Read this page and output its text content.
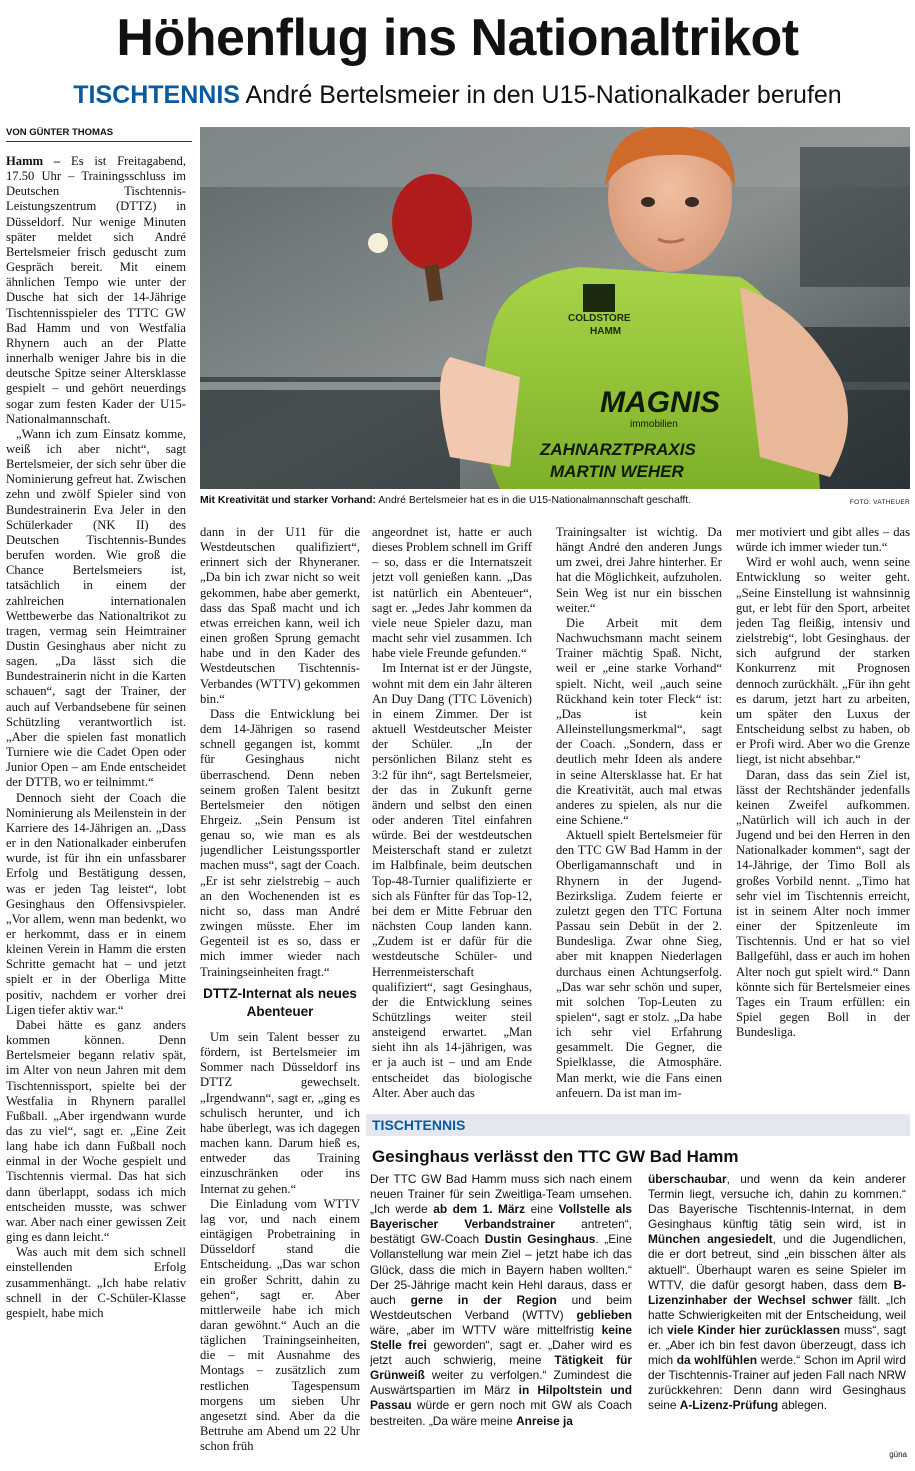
Höhenflug ins Nationaltrikot
TISCHTENNIS André Bertelsmeier in den U15-Nationalkader berufen
VON GÜNTER THOMAS
COLDSTORE
HAMM
MAGNIS
immobilien
ZAHNARZTPRAXIS
MARTIN WEHER
Mit Kreativität und starker Vorhand: André Bertelsmeier hat es in die U15-Nationalmannschaft geschafft.	FOTO: VATHEUER

Hamm – Es ist Freitagabend, 17.50 Uhr – Trainingsschluss im Deutschen Tischtennis-Leistungszentrum (DTTZ) in Düsseldorf. Nur wenige Minuten später meldet sich André Bertelsmeier frisch geduscht zum Gespräch bereit. Mit einem ähnlichen Tempo wie unter der Dusche hat sich der 14-Jährige Tischtennisspieler des TTTC GW Bad Hamm und von Westfalia Rhynern auch an der Platte innerhalb weniger Jahre bis in die deutsche Spitze seiner Altersklasse gespielt – und gehört neuerdings sogar zum festen Kader der U15-Nationalmannschaft.

„Wann ich zum Einsatz komme, weiß ich aber nicht“, sagt Bertelsmeier, der sich sehr über die Nominierung gefreut hat. Zwischen zehn und zwölf Spieler sind von Bundestrainerin Eva Jeler in den Schülerkader (NK II) des Deutschen Tischtennis-Bundes berufen worden. Wie groß die Chance Bertelsmeiers ist, tatsächlich in einem der zahlreichen internationalen Wettbewerbe das Nationaltrikot zu tragen, vermag sein Heimtrainer Dustin Gesinghaus aber nicht zu sagen. „Da lässt sich die Bundestrainerin nicht in die Karten schauen“, sagt der Trainer, der auch auf Verbandsebene für seinen Schützling verantwortlich ist. „Aber die spielen fast monatlich Turniere wie die Cadet Open oder Junior Open – am Ende entscheidet der DTTB, wo er teilnimmt.“

Dennoch sieht der Coach die Nominierung als Meilenstein in der Karriere des 14-Jährigen an. „Dass er in den Nationalkader einberufen wurde, ist für ihn ein unfassbarer Erfolg und Bestätigung dessen, was er jeden Tag leistet“, lobt Gesinghaus den Offensivspieler. „Vor allem, wenn man bedenkt, wo er herkommt, dass er in einem kleinen Verein in Hamm die ersten Schritte gemacht hat – und jetzt spielt er in der Oberliga Mitte positiv, nachdem er vorher drei Ligen tiefer aktiv war.“

Dabei hätte es ganz anders kommen können. Denn Bertelsmeier begann relativ spät, im Alter von neun Jahren mit dem Tischtennissport, spielte bei der Westfalia in Rhynern parallel Fußball. „Aber irgendwann wurde das zu viel“, sagt er. „Eine Zeit lang habe ich dann Fußball noch einmal in der Woche gespielt und Tischtennis viermal. Das hat sich dann überlappt, sodass ich mich entscheiden musste, was schwer war. Aber nach einer gewissen Zeit ging es dann leicht.“

Was auch mit dem sich schnell einstellenden Erfolg zusammenhängt. „Ich habe relativ schnell in der C-Schüler-Klasse gespielt, habe mich

dann in der U11 für die Westdeutschen qualifiziert“, erinnert sich der Rhyneraner. „Da bin ich zwar nicht so weit gekommen, habe aber gemerkt, dass das Spaß macht und ich etwas erreichen kann, weil ich einen großen Sprung gemacht habe und in den Kader des Westdeutschen Tischtennis-Verbandes (WTTV) gekommen bin.“

Dass die Entwicklung bei dem 14-Jährigen so rasend schnell gegangen ist, kommt für Gesinghaus nicht überraschend. Denn neben seinem großen Talent besitzt Bertelsmeier den nötigen Ehrgeiz. „Sein Pensum ist genau so, wie man es als jugendlicher Leistungssportler machen muss“, sagt der Coach. „Er ist sehr zielstrebig – auch an den Wochenenden ist es nicht so, dass man André zwingen müsste. Eher im Gegenteil ist es so, dass er mich immer wieder nach Trainingseinheiten fragt.“

DTTZ-Internat als neues Abenteuer

Um sein Talent besser zu fördern, ist Bertelsmeier im Sommer nach Düsseldorf ins DTTZ gewechselt. „Irgendwann“, sagt er, „ging es schulisch herunter, und ich habe überlegt, was ich dagegen machen kann. Darum hieß es, entweder das Training einzuschränken oder ins Internat zu gehen.“

Die Einladung vom WTTV lag vor, und nach einem eintägigen Probetraining in Düsseldorf stand die Entscheidung. „Das war schon ein großer Schritt, dahin zu gehen“, sagt er. Aber mittlerweile habe ich mich daran gewöhnt.“ Auch an die täglichen Trainingseinheiten, die – mit Ausnahme des Montags – zusätzlich zum restlichen Tagespensum morgens um sieben Uhr angesetzt sind. Aber da die Bettruhe am Abend um 22 Uhr schon früh

angeordnet ist, hatte er auch dieses Problem schnell im Griff – so, dass er die Internatszeit jetzt voll genießen kann. „Das ist natürlich ein Abenteuer“, sagt er. „Jedes Jahr kommen da viele neue Spieler dazu, man macht sehr viel zusammen. Ich habe viele Freunde gefunden.“

Im Internat ist er der Jüngste, wohnt mit dem ein Jahr älteren An Duy Dang (TTC Lövenich) in einem Zimmer. Der ist aktuell Westdeutscher Meister der Schüler. „In der persönlichen Bilanz steht es 3:2 für ihn“, sagt Bertelsmeier, der das in Zukunft gerne ändern und selbst den einen oder anderen Titel einfahren würde. Bei der westdeutschen Meisterschaft stand er zuletzt im Halbfinale, beim deutschen Top-48-Turnier qualifizierte er sich als Fünfter für das Top-12, bei dem er Mitte Februar den nächsten Coup landen kann. „Zudem ist er dafür für die westdeutsche Schüler- und Herrenmeisterschaft qualifiziert“, sagt Gesinghaus, der die Entwicklung seines Schützlings weiter steil ansteigend erwartet. „Man sieht ihn als 14-jährigen, was er ja auch ist – und am Ende entscheidet das biologische Alter. Aber auch das

Trainingsalter ist wichtig. Da hängt André den anderen Jungs um zwei, drei Jahre hinterher. Er hat die Möglichkeit, aufzuholen. Sein Weg ist nur ein bisschen weiter.“

Die Arbeit mit dem Nachwuchsmann macht seinem Trainer mächtig Spaß. Nicht, weil er „eine starke Vorhand“ spielt. Nicht, weil „auch seine Rückhand kein toter Fleck“ ist: „Das ist kein Alleinstellungsmerkmal“, sagt der Coach. „Sondern, dass er deutlich mehr Ideen als andere in seine Altersklasse hat. Er hat die Kreativität, auch mal etwas anderes zu spielen, als nur die eine Schiene.“

Aktuell spielt Bertelsmeier für den TTC GW Bad Hamm in der Oberligamannschaft und in Rhynern in der Jugend-Bezirksliga. Zudem feierte er zuletzt gegen den TTC Fortuna Passau sein Debüt in der 2. Bundesliga. Zwar ohne Sieg, aber mit knappen Niederlagen durchaus einen Achtungserfolg. „Das war sehr schön und super, mit solchen Top-Leuten zu spielen“, sagt er stolz. „Da habe ich sehr viel Erfahrung gesammelt. Die Gegner, die Spielklasse, die Atmosphäre. Man merkt, wie die Fans einen anfeuern. Da ist man im-

mer motiviert und gibt alles – das würde ich immer wieder tun.“

Wird er wohl auch, wenn seine Entwicklung so weiter geht. „Seine Einstellung ist wahnsinnig gut, er lebt für den Sport, arbeitet jeden Tag fleißig, intensiv und zielstrebig“, lobt Gesinghaus. der sich aufgrund der starken Konkurrenz mit Prognosen dennoch zurückhält. „Für ihn geht es darum, jetzt hart zu arbeiten, um später den Luxus der Entscheidung selbst zu haben, ob er Profi wird. Aber wo die Grenze liegt, ist nicht absehbar.“

Daran, dass das sein Ziel ist, lässt der Rechtshänder jedenfalls keinen Zweifel aufkommen. „Natürlich will ich auch in der Jugend und bei den Herren in den Nationalkader kommen“, sagt der 14-Jährige, der Timo Boll als großes Vorbild nennt. „Timo hat sehr viel im Tischtennis erreicht, ist in seinem Alter noch immer einer der Spitzenleute im Tischtennis. Und er hat so viel Ballgefühl, dass er auch im hohen Alter noch gut spielt wird.“ Dann könnte sich für Bertelsmeier eines Tages ein Traum erfüllen: ein Spiel gegen Boll in der Bundesliga.

TISCHTENNIS
Gesinghaus verlässt den TTC GW Bad Hamm

Der TTC GW Bad Hamm muss sich nach einem neuen Trainer für sein Zweitliga-Team umsehen. „Ich werde ab dem 1. März eine Vollstelle als Bayerischer Verbandstrainer antreten“, bestätigt GW-Coach Dustin Gesinghaus. „Eine Vollanstellung war mein Ziel – jetzt habe ich das Glück, dass die mich in Bayern haben wollten.“ Der 25-Jährige macht kein Hehl daraus, dass er auch gerne in der Region und beim Westdeutschen Verband (WTTV) geblieben wäre, „aber im WTTV wäre mittelfristig keine Stelle frei geworden“, sagt er. „Daher wird es jetzt auch schwierig, meine Tätigkeit für Grünweiß weiter zu verfolgen.“ Zumindest die Auswärtspartien im März in Hilpoltstein und Passau würde er gern noch mit GW als Coach bestreiten. „Da wäre meine Anreise ja

überschaubar, und wenn da kein anderer Termin liegt, versuche ich, dahin zu kommen.“ Das Bayerische Tischtennis-Internat, in dem Gesinghaus künftig tätig sein wird, ist in München angesiedelt, und die Jugendlichen, die er dort betreut, sind „ein bisschen älter als aktuell“. Überhaupt waren es seine Spieler im WTTV, die dafür gesorgt haben, dass dem B-Lizenzinhaber der Wechsel schwer fällt. „Ich hatte Schwierigkeiten mit der Entscheidung, weil ich viele Kinder hier zurücklassen muss“, sagt er. „Aber ich bin fest davon überzeugt, dass ich mich da wohlfühlen werde.“ Schon im April wird der Tischtennis-Trainer auf jeden Fall nach NRW zurückkehren: Denn dann wird Gesinghaus seine A-Lizenz-Prüfung ablegen.

güna
